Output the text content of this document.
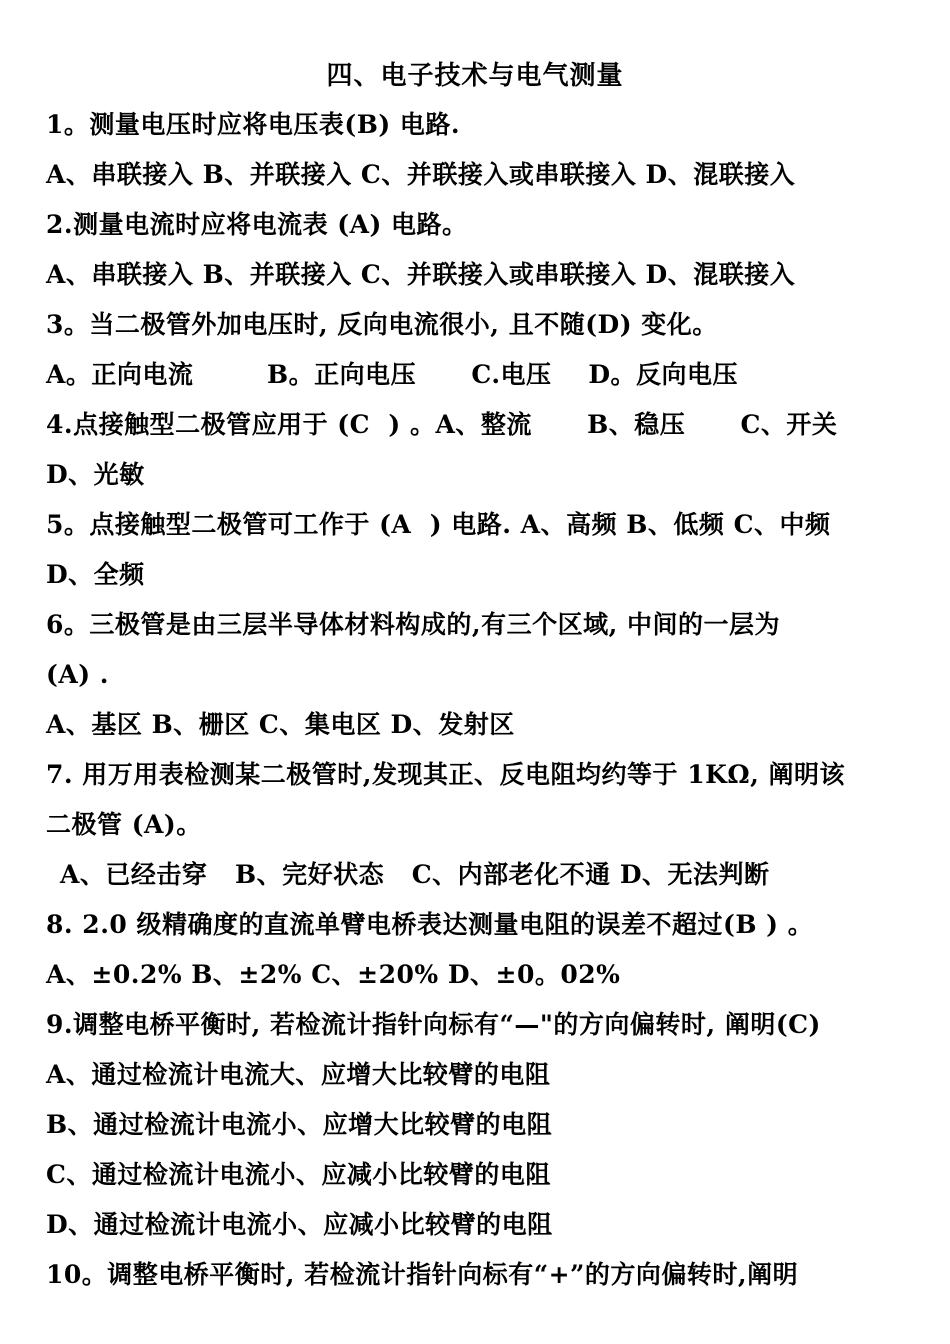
四、电子技术与电气测量
1。测量电压时应将电压表(B) 电路.
A、串联接入 B、并联接入 C、并联接入或串联接入 D、混联接入
2.测量电流时应将电流表 (A) 电路。
A、串联接入 B、并联接入 C、并联接入或串联接入 D、混联接入
3。当二极管外加电压时, 反向电流很小, 且不随(D) 变化。
A。正向电流        B。正向电压      C.电压    D。反向电压
4.点接触型二极管应用于 (C  ) 。A、整流      B、稳压      C、开关
D、光敏
5。点接触型二极管可工作于 (A  ) 电路. A、高频 B、低频 C、中频
D、全频
6。三极管是由三层半导体材料构成的,有三个区域, 中间的一层为
(A) .
A、基区 B、栅区 C、集电区 D、发射区
7. 用万用表检测某二极管时,发现其正、反电阻均约等于 1KΩ, 阐明该
二极管 (A)。
A、已经击穿   B、完好状态   C、内部老化不通 D、无法判断
8. 2.0 级精确度的直流单臂电桥表达测量电阻的误差不超过(B ) 。
A、±0.2% B、±2% C、±20% D、±0。02%
9.调整电桥平衡时, 若检流计指针向标有“—"的方向偏转时, 阐明(C)
A、通过检流计电流大、应增大比较臂的电阻
B、通过检流计电流小、应增大比较臂的电阻
C、通过检流计电流小、应减小比较臂的电阻
D、通过检流计电流小、应减小比较臂的电阻
10。调整电桥平衡时, 若检流计指针向标有“+”的方向偏转时,阐明
